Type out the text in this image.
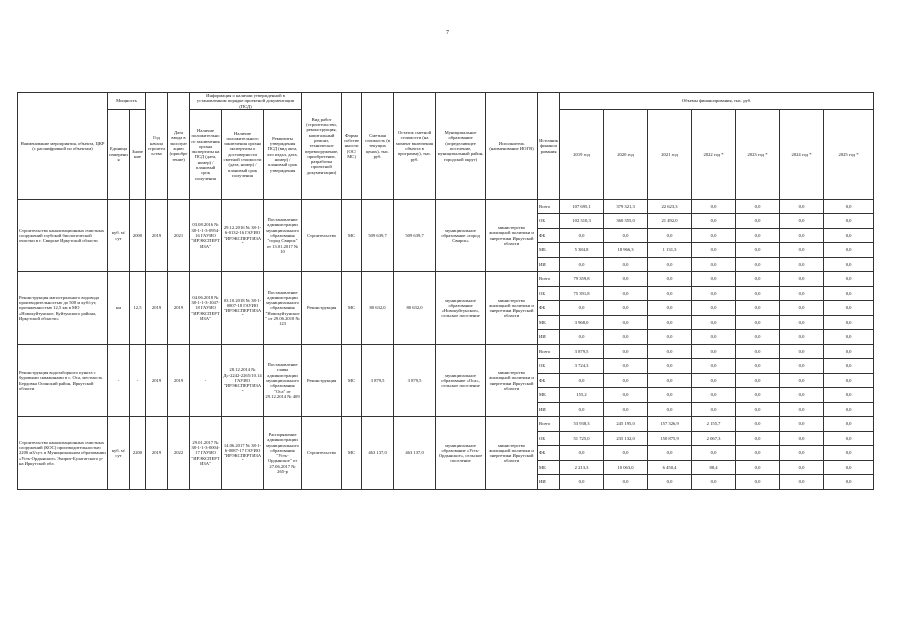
7
Наименование мероприятия, объекта, ЦКР (с расшифровкой по объектам)	Мощность		Год начала строительства	Дата ввода в эксплуатацию (приобретение)	Информация о наличии утвержденной в установленном порядке проектной документации (ПСД)			Вид работ (строительство, реконструкция, капитальный ремонт, техническое перевооружение, приобретение, разработка проектной документации)	Форма собственности (ОС/МС)	Сметная стоимость (в текущих ценах), тыс. руб.	Остаток сметной стоимости (на момент включения объекта в программу), тыс. руб.	Муниципальное образование (определяющее поселение, муниципальный район, городской округ)	Исполнитель (наименование ИОГВ)	Источник финансирования	Объемы финансирования, тыс. руб.						
	Единица измерения	Значение			Наличие положительного заключения органа экспертизы на ПСД (дата, номер) / плановый срок получения	Наличие положительного заключения органа экспертизы о достоверности сметной стоимости (дата, номер) / плановый срок получения	Реквизиты утверждения ПСД (вид акта, кто издал, дата, номер) / плановый срок утверждения								2019 год	2020 год	2021 год	2022 год *	2023 год *	2024 год *	2025 год *
Строительство канализационных очистных сооружений глубокой биологической очистки в г. Свирске Иркутской области	куб. м/сут	2000	2019	2021	03.08.2016 № 38-1-1-3-0954-16 ГАУИО "ИРЭКСПЕРТИЗА"	29.12.2016 № 38-1-6-0132-16 ГАУИО "ИРЭКСПЕРТИЗА"	Постановление администрации муниципального образования "город Свирск" от 13.01.2017 № 10	Строительство	МС	509 639,7	509 639,7	муниципальное образование «город Свирск»	министерство жилищной политики и энергетики Иркутской области	Всего	107 695,1	379 321,3	22 623,3	0,0	0,0	0,0	0,0
														ОБ	102 310,3	360 355,0	21 492,0	0,0	0,0	0,0	0,0
														ФБ	0,0	0,0	0,0	0,0	0,0	0,0	0,0
														МБ	5 384,8	18 966,3	1 131,3	0,0	0,0	0,0	0,0
														ИИ	0,0	0,0	0,0	0,0	0,0	0,0	0,0
Реконструкция магистрального водовода производительностью до 500 м куб/сут, протяженностью 12,5 км в МО «Новокуйтунское, Куйтунского района, Иркутской области»	км	12,5	2019	2019	04.06.2018 № 38-1-1-3-1047-18 ГАУИО "ИРЭКСПЕРТИЗА"	03.10.2018 № 38-1-0807-18 ГАУИО "ИРЭКСПЕРТИЗА"	Постановление администрации муниципального образования "Новокуйтунское" от 29.06.2018 № 123	Реконструкция	МС	80 632,0	80 632,0	муниципальное образование «Новокуйтунское», сельское поселение	министерство жилищной политики и энергетики Иркутской области	Всего	79 359,8	0,0	0,0	0,0	0,0	0,0	0,0
														ОБ	75 391,8	0,0	0,0	0,0	0,0	0,0	0,0
														ФБ	0,0	0,0	0,0	0,0	0,0	0,0	0,0
														МБ	3 968,0	0,0	0,0	0,0	0,0	0,0	0,0
														ИИ	0,0	0,0	0,0	0,0	0,0	0,0	0,0
Реконструкция водозаборного пункта с буровыми скважинами в с. Оса, местность Бердовка Осинский район, Иркутской области	-	-	2019	2019	-	28.12.2014 № Дс-2242-2265/10.14 ГАУИО "ИРЭКСПЕРТИЗА"	Постановление главы администрации муниципального образования "Оса" от 29.12.2014 № 409	Реконструкция	МС	3 879,5	3 879,5	муниципальное образование «Оса», сельское поселение	министерство жилищной политики и энергетики Иркутской области	Всего	3 879,5	0,0	0,0	0,0	0,0	0,0	0,0
														ОБ	3 724,3	0,0	0,0	0,0	0,0	0,0	0,0
														ФБ	0,0	0,0	0,0	0,0	0,0	0,0	0,0
														МБ	155,2	0,0	0,0	0,0	0,0	0,0	0,0
														ИИ	0,0	0,0	0,0	0,0	0,0	0,0	0,0
Строительство канализационных очистных сооружений (КОС) производительностью 2200 м3/сут. в Муниципальном образовании «Усть-Ордынское» Эхирит-Булагатского р-на Иркутской обл.	куб. м/сут	2200	2019	2022	29.01.2017 № 38-1-1-3-0004-17 ГАУИО "ИРЭКСПЕРТИЗА"	14.06.2017 № 38-1-6-0087-17 ГАУИО "ИРЭКСПЕРТИЗА"	Распоряжение администрации муниципального образования "Усть-Ордынское" от 27.06.2017 № 265-р	Строительство	МС	463 137,0	463 137,0	муниципальное образование «Усть-Ордынское», сельское поселение	министерство жилищной политики и энергетики Иркутской области	Всего	53 938,3	245 195,0	157 326,9	2 155,7	0,0	0,0	0,0
														ОБ	51 725,0	235 132,0	150 875,9	2 067,3	0,0	0,0	0,0
														ФБ	0,0	0,0	0,0	0,0	0,0	0,0	0,0
														МБ	2 213,3	10 063,0	6 450,4	88,4	0,0	0,0	0,0
														ИИ	0,0	0,0	0,0	0,0	0,0	0,0	0,0
